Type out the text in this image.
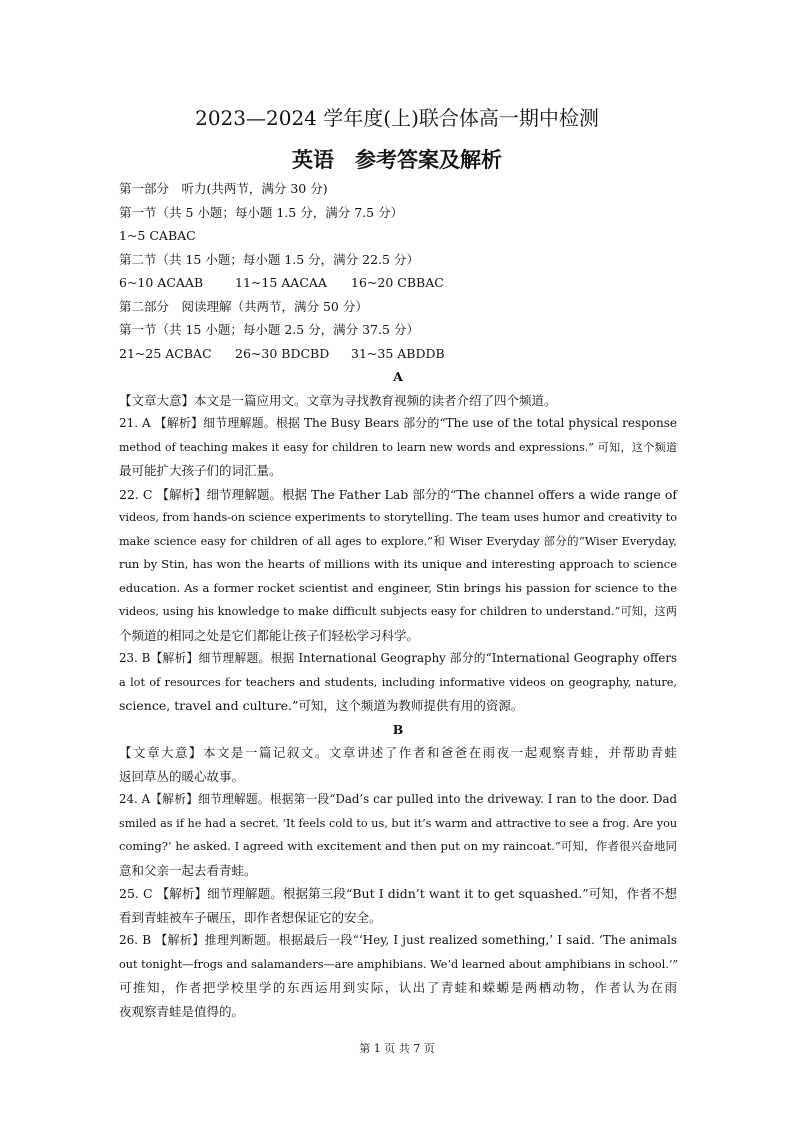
2023—2024 学年度(上)联合体高一期中检测
英语　参考答案及解析
第一部分　听力(共两节，满分 30 分)
第一节（共 5 小题；每小题 1.5 分，满分 7.5 分）
1~5 CABAC
第二节（共 15 小题；每小题 1.5 分，满分 22.5 分）
6~10 ACAAB	11~15 AACAA 16~20 CBBAC
第二部分　阅读理解（共两节，满分 50 分）
第一节（共 15 小题；每小题 2.5 分，满分 37.5 分）
21~25 ACBAC 26~30 BDCBD 31~35 ABDDB
A
【文章大意】本文是一篇应用文。文章为寻找教育视频的读者介绍了四个频道。
21. A 【解析】细节理解题。根据 The Busy Bears 部分的“The use of the total physical response
method of teaching makes it easy for children to learn new words and expressions.” 可知，这个频道
最可能扩大孩子们的词汇量。
22. C 【解析】细节理解题。根据 The Father Lab 部分的“The channel offers a wide range of
videos, from hands-on science experiments to storytelling. The team uses humor and creativity to
make science easy for children of all ages to explore.”和 Wiser Everyday 部分的“Wiser Everyday,
run by Stin, has won the hearts of millions with its unique and interesting approach to science
education. As a former rocket scientist and engineer, Stin brings his passion for science to the
videos, using his knowledge to make difficult subjects easy for children to understand.”可知，这两
个频道的相同之处是它们都能让孩子们轻松学习科学。
23. B【解析】细节理解题。根据 International Geography 部分的“International Geography offers
a lot of resources for teachers and students, including informative videos on geography, nature,
science, travel and culture.”可知，这个频道为教师提供有用的资源。
B
【文章大意】本文是一篇记叙文。文章讲述了作者和爸爸在雨夜一起观察青蛙，并帮助青蛙
返回草丛的暖心故事。
24. A【解析】细节理解题。根据第一段“Dad’s car pulled into the driveway. I ran to the door. Dad
smiled as if he had a secret. ‘It feels cold to us, but it’s warm and attractive to see a frog. Are you
coming?’ he asked. I agreed with excitement and then put on my raincoat.”可知，作者很兴奋地同
意和父亲一起去看青蛙。
25. C 【解析】细节理解题。根据第三段“But I didn’t want it to get squashed.”可知，作者不想
看到青蛙被车子碾压，即作者想保证它的安全。
26. B 【解析】推理判断题。根据最后一段“‘Hey, I just realized something,’ I said. ‘The animals
out tonight—frogs and salamanders—are amphibians. We’d learned about amphibians in school.’”
可推知，作者把学校里学的东西运用到实际，认出了青蛙和蝾螈是两栖动物，作者认为在雨
夜观察青蛙是值得的。
第 1 页 共 7 页
